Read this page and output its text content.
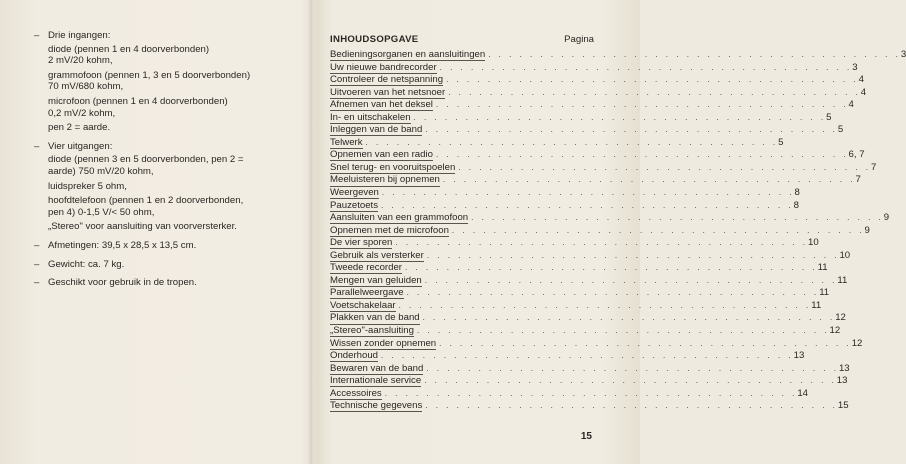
– Drie ingangen:
diode (pennen 1 en 4 doorverbonden)
2 mV/20 kohm,
grammofoon (pennen 1, 3 en 5 doorverbonden)
70 mV/680 kohm,
microfoon (pennen 1 en 4 doorverbonden)
0,2 mV/2 kohm,
pen 2 = aarde.
– Vier uitgangen:
diode (pennen 3 en 5 doorverbonden, pen 2 =
aarde) 750 mV/20 kohm,
luidspreker 5 ohm,
hoofdtelefoon (pennen 1 en 2 doorverbonden,
pen 4) 0-1,5 V/< 50 ohm,
„Stereo" voor aansluiting van voorversterker.
– Afmetingen: 39,5 x 28,5 x 13,5 cm.
– Gewicht: ca. 7 kg.
– Geschikt voor gebruik in de tropen.
INHOUDSOPGAVE	Pagina
Bedieningsorganen en aansluitingen . . . . . . . . . . . . . . . . . . . . . . . . . . . . . . . . . . . . . . . . 3
Uw nieuwe bandrecorder . . . . . . . . . . . . . . . . . . . . . . . . . . . . . . . . . . . . . . . . 3
Controleer de netspanning . . . . . . . . . . . . . . . . . . . . . . . . . . . . . . . . . . . . . . . . 4
Uitvoeren van het netsnoer . . . . . . . . . . . . . . . . . . . . . . . . . . . . . . . . . . . . . . . . 4
Afnemen van het deksel . . . . . . . . . . . . . . . . . . . . . . . . . . . . . . . . . . . . . . . . 4
In- en uitschakelen . . . . . . . . . . . . . . . . . . . . . . . . . . . . . . . . . . . . . . . . 5
Inleggen van de band . . . . . . . . . . . . . . . . . . . . . . . . . . . . . . . . . . . . . . . . 5
Telwerk . . . . . . . . . . . . . . . . . . . . . . . . . . . . . . . . . . . . . . . . 5
Opnemen van een radio . . . . . . . . . . . . . . . . . . . . . . . . . . . . . . . . . . . . . . . . 6, 7
Snel terug- en vooruitspoelen . . . . . . . . . . . . . . . . . . . . . . . . . . . . . . . . . . . . . . . . 7
Meeluisteren bij opnemen . . . . . . . . . . . . . . . . . . . . . . . . . . . . . . . . . . . . . . . . 7
Weergeven . . . . . . . . . . . . . . . . . . . . . . . . . . . . . . . . . . . . . . . . 8
Pauzetoets . . . . . . . . . . . . . . . . . . . . . . . . . . . . . . . . . . . . . . . . 8
Aansluiten van een grammofoon . . . . . . . . . . . . . . . . . . . . . . . . . . . . . . . . . . . . . . . . 9
Opnemen met de microfoon . . . . . . . . . . . . . . . . . . . . . . . . . . . . . . . . . . . . . . . . 9
De vier sporen . . . . . . . . . . . . . . . . . . . . . . . . . . . . . . . . . . . . . . . . 10
Gebruik als versterker . . . . . . . . . . . . . . . . . . . . . . . . . . . . . . . . . . . . . . . . 10
Tweede recorder . . . . . . . . . . . . . . . . . . . . . . . . . . . . . . . . . . . . . . . . 11
Mengen van geluiden . . . . . . . . . . . . . . . . . . . . . . . . . . . . . . . . . . . . . . . . 11
Parallelweergave . . . . . . . . . . . . . . . . . . . . . . . . . . . . . . . . . . . . . . . . 11
Voetschakelaar . . . . . . . . . . . . . . . . . . . . . . . . . . . . . . . . . . . . . . . . 11
Plakken van de band . . . . . . . . . . . . . . . . . . . . . . . . . . . . . . . . . . . . . . . . 12
„Stereo"-aansluiting . . . . . . . . . . . . . . . . . . . . . . . . . . . . . . . . . . . . . . . . 12
Wissen zonder opnemen . . . . . . . . . . . . . . . . . . . . . . . . . . . . . . . . . . . . . . . . 12
Onderhoud . . . . . . . . . . . . . . . . . . . . . . . . . . . . . . . . . . . . . . . . 13
Bewaren van de band . . . . . . . . . . . . . . . . . . . . . . . . . . . . . . . . . . . . . . . . 13
Internationale service . . . . . . . . . . . . . . . . . . . . . . . . . . . . . . . . . . . . . . . . 13
Accessoires . . . . . . . . . . . . . . . . . . . . . . . . . . . . . . . . . . . . . . . . 14
Technische gegevens . . . . . . . . . . . . . . . . . . . . . . . . . . . . . . . . . . . . . . . . 15
15
